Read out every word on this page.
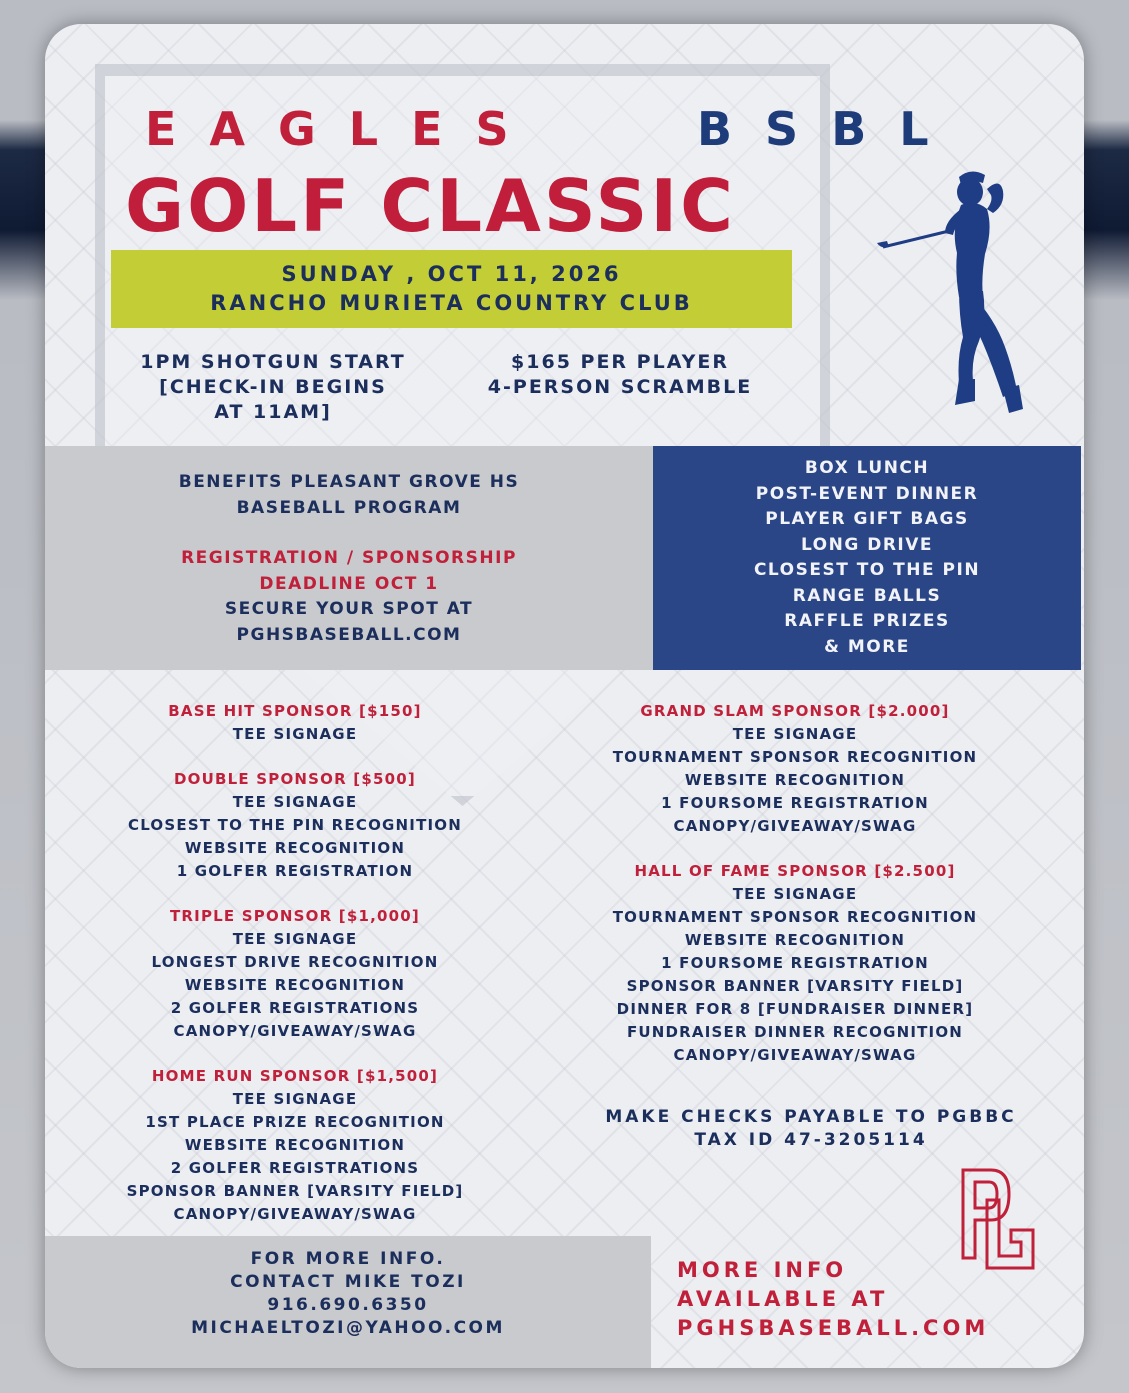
EAGLES	BSBL
GOLF CLASSIC
SUNDAY , OCT 11, 2026
RANCHO MURIETA COUNTRY CLUB
1PM SHOTGUN START
[CHECK-IN BEGINS
AT 11AM]
$165 PER PLAYER
4-PERSON SCRAMBLE
BENEFITS PLEASANT GROVE HS
BASEBALL PROGRAM
REGISTRATION / SPONSORSHIP
DEADLINE OCT 1
SECURE YOUR SPOT AT
PGHSBASEBALL.COM
BOX LUNCH
POST-EVENT DINNER
PLAYER GIFT BAGS
LONG DRIVE
CLOSEST TO THE PIN
RANGE BALLS
RAFFLE PRIZES
& MORE
BASE HIT SPONSOR [$150]
TEE SIGNAGE
DOUBLE SPONSOR [$500]
TEE SIGNAGE
CLOSEST TO THE PIN RECOGNITION
WEBSITE RECOGNITION
1 GOLFER REGISTRATION
TRIPLE SPONSOR [$1,000]
TEE SIGNAGE
LONGEST DRIVE RECOGNITION
WEBSITE RECOGNITION
2 GOLFER REGISTRATIONS
CANOPY/GIVEAWAY/SWAG
HOME RUN SPONSOR [$1,500]
TEE SIGNAGE
1ST PLACE PRIZE RECOGNITION
WEBSITE RECOGNITION
2 GOLFER REGISTRATIONS
SPONSOR BANNER [VARSITY FIELD]
CANOPY/GIVEAWAY/SWAG
GRAND SLAM SPONSOR [$2.000]
TEE SIGNAGE
TOURNAMENT SPONSOR RECOGNITION
WEBSITE RECOGNITION
1 FOURSOME REGISTRATION
CANOPY/GIVEAWAY/SWAG
HALL OF FAME SPONSOR [$2.500]
TEE SIGNAGE
TOURNAMENT SPONSOR RECOGNITION
WEBSITE RECOGNITION
1 FOURSOME REGISTRATION
SPONSOR BANNER [VARSITY FIELD]
DINNER FOR 8 [FUNDRAISER DINNER]
FUNDRAISER DINNER RECOGNITION
CANOPY/GIVEAWAY/SWAG
MAKE CHECKS PAYABLE TO PGBBC
TAX ID 47-3205114
PG
FOR MORE INFO.
CONTACT MIKE TOZI
916.690.6350
MICHAELTOZI@YAHOO.COM
MORE INFO
AVAILABLE AT
PGHSBASEBALL.COM
